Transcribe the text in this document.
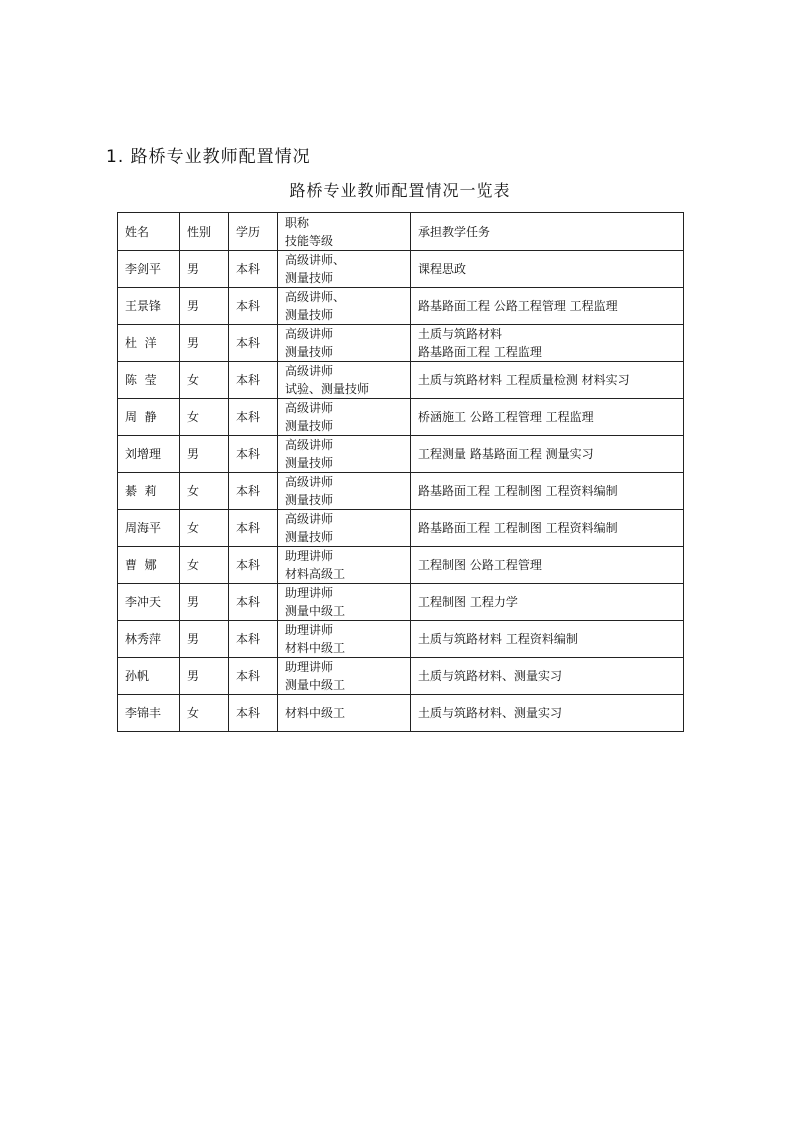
1. 路桥专业教师配置情况
路桥专业教师配置情况一览表
姓名	性别	学历	职称
技能等级	承担教学任务
李剑平	男	本科	高级讲师、
测量技师	课程思政

王景锋	男	本科	高级讲师、
测量技师	路基路面工程 公路工程管理 工程监理

杜  洋	男	本科	高级讲师
测量技师	土质与筑路材料
路基路面工程 工程监理

陈  莹	女	本科	高级讲师
试验、测量技师	土质与筑路材料 工程质量检测 材料实习

周  静	女	本科	高级讲师
测量技师	桥涵施工 公路工程管理 工程监理

刘增理	男	本科	高级讲师
测量技师	工程测量 路基路面工程 测量实习

綦  莉	女	本科	高级讲师
测量技师	路基路面工程 工程制图 工程资料编制

周海平	女	本科	高级讲师
测量技师	路基路面工程 工程制图 工程资料编制

曹  娜	女	本科	助理讲师
材料高级工	工程制图 公路工程管理

李冲天	男	本科	助理讲师
测量中级工	工程制图 工程力学

林秀萍	男	本科	助理讲师
材料中级工	土质与筑路材料 工程资料编制

孙帆	男	本科	助理讲师
测量中级工	土质与筑路材料、测量实习

李锦丰	女	本科	材料中级工	土质与筑路材料、测量实习
